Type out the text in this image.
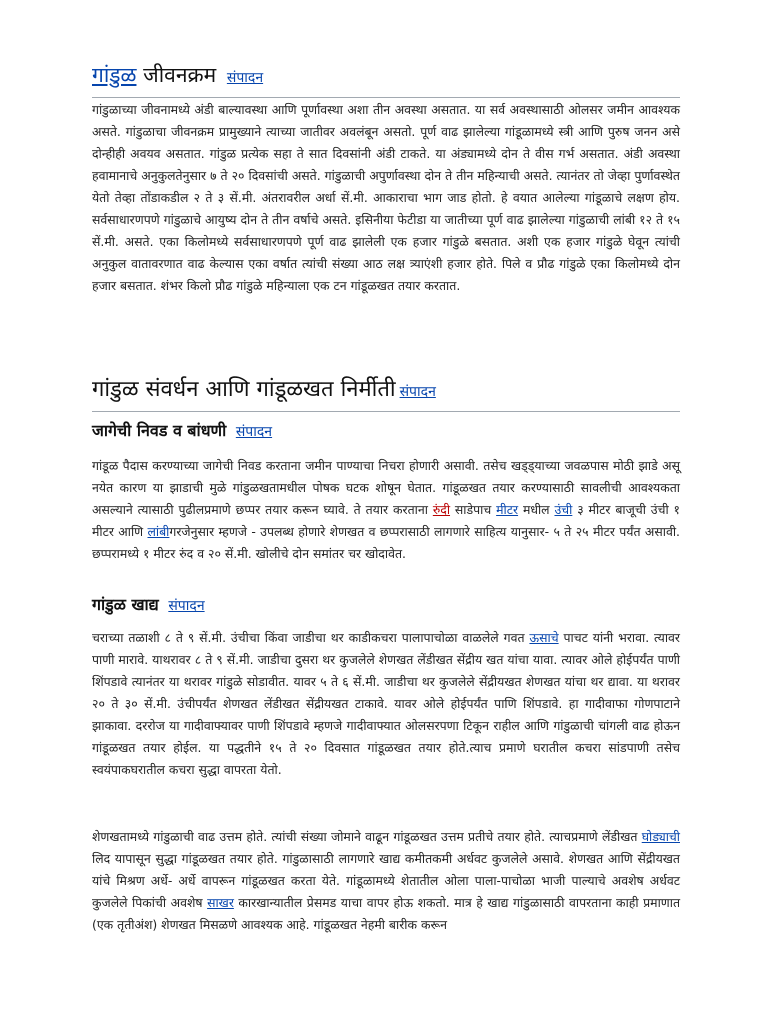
गांडुळ जीवनक्रम संपादन

गांडुळाच्या जीवनामध्ये अंडी बाल्यावस्था आणि पूर्णावस्था अशा तीन अवस्था असतात. या सर्व अवस्थासाठी ओलसर जमीन आवश्यक असते. गांडुळाचा जीवनक्रम प्रामुख्याने त्याच्या जातीवर अवलंबून असतो. पूर्ण वाढ झालेल्या गांडूळामध्ये स्त्री आणि पुरुष जनन असे दोन्हीही अवयव असतात. गांडुळ प्रत्येक सहा ते सात दिवसांनी अंडी टाकते. या अंड्यामध्ये दोन ते वीस गर्भ असतात. अंडी अवस्था हवामानाचे अनुकुलतेनुसार ७ ते २० दिवसांची असते. गांडुळाची अपुर्णावस्था दोन ते तीन महिन्याची असते. त्यानंतर तो जेव्हा पुर्णावस्थेत येतो तेव्हा तोंडाकडील २ ते ३ सें.मी. अंतरावरील अर्धा सें.मी. आकाराचा भाग जाड होतो. हे वयात आलेल्या गांडूळाचे लक्षण होय. सर्वसाधारणपणे गांडुळाचे आयुष्य दोन ते तीन वर्षाचे असते. इसिनीया फेटीडा या जातीच्या पूर्ण वाढ झालेल्या गांडुळाची लांबी १२ ते १५ सें.मी. असते. एका किलोमध्ये सर्वसाधारणपणे पूर्ण वाढ झालेली एक हजार गांडुळे बसतात. अशी एक हजार गांडुळे घेवून त्यांची अनुकुल वातावरणात वाढ केल्यास एका वर्षात त्यांची संख्या आठ लक्ष त्र्याएंशी हजार होते. पिले व प्रौढ गांडुळे एका किलोमध्ये दोन हजार बसतात. शंभर किलो प्रौढ गांडुळे महिन्याला एक टन गांडूळखत तयार करतात.

गांडुळ संवर्धन आणि गांडूळखत निर्मीती संपादन
जागेची निवड व बांधणी संपादन

गांडूळ पैदास करण्याच्या जागेची निवड करताना जमीन पाण्याचा निचरा होणारी असावी. तसेच खड्ड्याच्या जवळपास मोठी झाडे असू नयेत कारण या झाडाची मुळे गांडुळखतामधील पोषक घटक शोषून घेतात. गांडूळखत तयार करण्यासाठी सावलीची आवश्यकता असल्याने त्यासाठी पुढीलप्रमाणे छप्पर तयार करून घ्यावे. ते तयार करताना रुंदी साडेपाच मीटर मधील उंची ३ मीटर बाजूची उंची १ मीटर आणि लांबीगरजेनुसार म्हणजे - उपलब्ध होणारे शेणखत व छप्परासाठी लागणारे साहित्य यानुसार- ५ ते २५ मीटर पर्यंत असावी. छप्परामध्ये १ मीटर रुंद व २० सें.मी. खोलीचे दोन समांतर चर खोदावेत.

गांडुळ खाद्य संपादन

चराच्या तळाशी ८ ते ९ सें.मी. उंचीचा किंवा जाडीचा थर काडीकचरा पालापाचोळा वाळलेले गवत ऊसाचे पाचट यांनी भरावा. त्यावर पाणी मारावे. याथरावर ८ ते ९ सें.मी. जाडीचा दुसरा थर कुजलेले शेणखत लेंडीखत सेंद्रीय खत यांचा यावा. त्यावर ओले होईपर्यंत पाणी शिंपडावे त्यानंतर या थरावर गांडुळे सोडावीत. यावर ५ ते ६ सें.मी. जाडीचा थर कुजलेले सेंद्रीयखत शेणखत यांचा थर द्यावा. या थरावर २० ते ३० सें.मी. उंचीपर्यंत शेणखत लेंडीखत सेंद्रीयखत टाकावे. यावर ओले होईपर्यंत पाणि शिंपडावे. हा गादीवाफा गोणपाटाने झाकावा. दररोज या गादीवाफ्यावर पाणी शिंपडावे म्हणजे गादीवाफ्यात ओलसरपणा टिकून राहील आणि गांडुळाची चांगली वाढ होऊन गांडूळखत तयार होईल. या पद्धतीने १५ ते २० दिवसात गांडूळखत तयार होते.त्याच प्रमाणे घरातील कचरा सांडपाणी तसेच स्वयंपाकघरातील कचरा सुद्धा वापरता येतो.

शेणखतामध्ये गांडुळाची वाढ उत्तम होते. त्यांची संख्या जोमाने वाढून गांडूळखत उत्तम प्रतीचे तयार होते. त्याचप्रमाणे लेंडीखत घोड्याची लिद यापासून सुद्धा गांडूळखत तयार होते. गांडुळासाठी लागणारे खाद्य कमीतकमी अर्धवट कुजलेले असावे. शेणखत आणि सेंद्रीयखत यांचे मिश्रण अर्धे- अर्धे वापरून गांडूळखत करता येते. गांडूळामध्ये शेतातील ओला पाला-पाचोळा भाजी पाल्याचे अवशेष अर्धवट कुजलेले पिकांची अवशेष साखर कारखान्यातील प्रेसमड याचा वापर होऊ शकतो. मात्र हे खाद्य गांडुळासाठी वापरताना काही प्रमाणात (एक तृतीअंश) शेणखत मिसळणे आवश्यक आहे. गांडूळखत नेहमी बारीक करून
